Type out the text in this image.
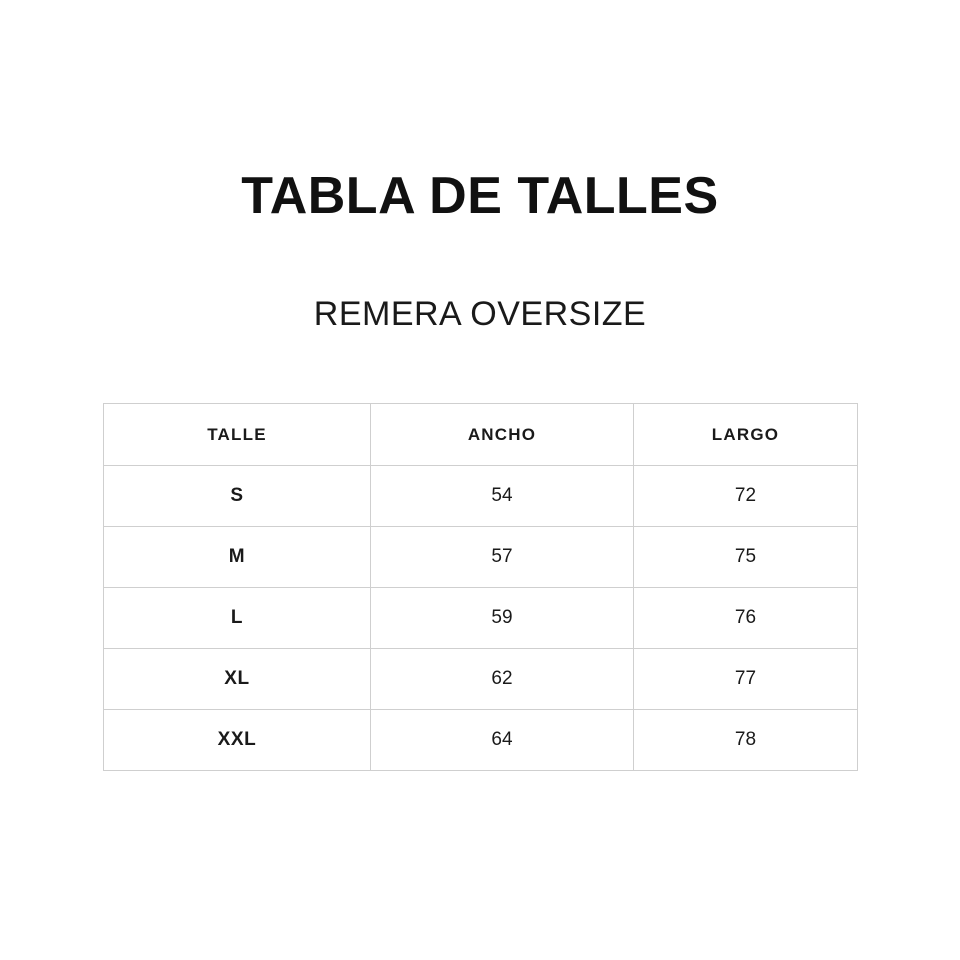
TABLA DE TALLES
REMERA OVERSIZE
TALLE	ANCHO	LARGO
S	54	72
M	57	75
L	59	76
XL	62	77
XXL	64	78
